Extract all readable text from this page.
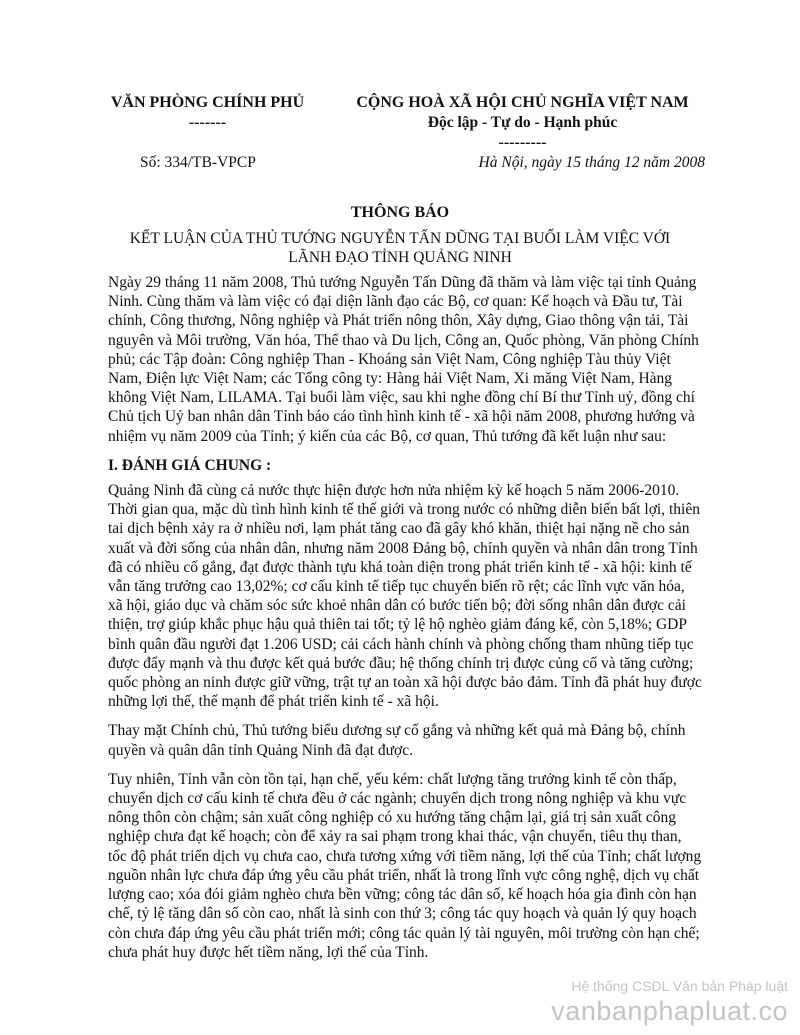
VĂN PHÒNG CHÍNH PHỦ
-------
CỘNG HOÀ XÃ HỘI CHỦ NGHĨA VIỆT NAM
Độc lập - Tự do - Hạnh phúc
---------
Số: 334/TB-VPCP	Hà Nội, ngày 15 tháng 12 năm 2008
THÔNG BÁO
KẾT LUẬN CỦA THỦ TƯỚNG NGUYỄN TẤN DŨNG TẠI BUỔI LÀM VIỆC VỚI LÃNH ĐẠO TỈNH QUẢNG NINH

Ngày 29 tháng 11 năm 2008, Thủ tướng Nguyễn Tấn Dũng đã thăm và làm việc tại tỉnh Quảng Ninh. Cùng thăm và làm việc có đại diện lãnh đạo các Bộ, cơ quan: Kế hoạch và Đầu tư, Tài chính, Công thương, Nông nghiệp và Phát triển nông thôn, Xây dựng, Giao thông vận tải, Tài nguyên và Môi trường, Văn hóa, Thể thao và Du lịch, Công an, Quốc phòng, Văn phòng Chính phủ; các Tập đoàn: Công nghiệp Than - Khoáng sản Việt Nam, Công nghiệp Tàu thủy Việt Nam, Điện lực Việt Nam; các Tổng công ty: Hàng hải Việt Nam, Xi măng Việt Nam, Hàng không Việt Nam, LILAMA. Tại buổi làm việc, sau khi nghe đồng chí Bí thư Tỉnh uỷ, đồng chí Chủ tịch Uỷ ban nhân dân Tỉnh báo cáo tình hình kinh tế - xã hội năm 2008, phương hướng và nhiệm vụ năm 2009 của Tỉnh; ý kiến của các Bộ, cơ quan, Thủ tướng đã kết luận như sau:

I. ĐÁNH GIÁ CHUNG :

Quảng Ninh đã cùng cả nước thực hiện được hơn nửa nhiệm kỳ kế hoạch 5 năm 2006-2010. Thời gian qua, mặc dù tình hình kinh tế thế giới và trong nước có những diễn biến bất lợi, thiên tai dịch bệnh xảy ra ở nhiều nơi, lạm phát tăng cao đã gây khó khăn, thiệt hại nặng nề cho sản xuất và đời sống của nhân dân, nhưng năm 2008 Đảng bộ, chính quyền và nhân dân trong Tỉnh đã có nhiều cố gắng, đạt được thành tựu khá toàn diện trong phát triển kinh tế - xã hội: kinh tế vẫn tăng trưởng cao 13,02%; cơ cấu kinh tế tiếp tục chuyển biến rõ rệt; các lĩnh vực văn hóa, xã hội, giáo dục và chăm sóc sức khoẻ nhân dân có bước tiến bộ; đời sống nhân dân được cải thiện, trợ giúp khắc phục hậu quả thiên tai tốt; tỷ lệ hộ nghèo giảm đáng kể, còn 5,18%; GDP bình quân đầu người đạt 1.206 USD; cải cách hành chính và phòng chống tham nhũng tiếp tục được đẩy mạnh và thu được kết quả bước đầu; hệ thống chính trị được củng cố và tăng cường; quốc phòng an ninh được giữ vững, trật tự an toàn xã hội được bảo đảm. Tỉnh đã phát huy được những lợi thế, thế mạnh để phát triển kinh tế - xã hội.

Thay mặt Chính chủ, Thủ tướng biểu dương sự cố gắng và những kết quả mà Đảng bộ, chính quyền và quân dân tỉnh Quảng Ninh đã đạt được.

Tuy nhiên, Tỉnh vẫn còn tồn tại, hạn chế, yếu kém: chất lượng tăng trưởng kinh tế còn thấp, chuyển dịch cơ cấu kinh tế chưa đều ở các ngành; chuyển dịch trong nông nghiệp và khu vực nông thôn còn chậm; sản xuất công nghiệp có xu hướng tăng chậm lại, giá trị sản xuất công nghiệp chưa đạt kế hoạch; còn để xảy ra sai phạm trong khai thác, vận chuyển, tiêu thụ than, tốc độ phát triển dịch vụ chưa cao, chưa tương xứng với tiềm năng, lợi thế của Tỉnh; chất lượng nguồn nhân lực chưa đáp ứng yêu cầu phát triển, nhất là trong lĩnh vực công nghệ, dịch vụ chất lượng cao; xóa đói giảm nghèo chưa bền vững; công tác dân số, kế hoạch hóa gia đình còn hạn chế, tỷ lệ tăng dân số còn cao, nhất là sinh con thứ 3; công tác quy hoạch và quản lý quy hoạch còn chưa đáp ứng yêu cầu phát triển mới; công tác quản lý tài nguyên, môi trường còn hạn chế; chưa phát huy được hết tiềm năng, lợi thế của Tỉnh.

Hệ thống CSDL Văn bản Pháp luật
vanbanphapluat.co
